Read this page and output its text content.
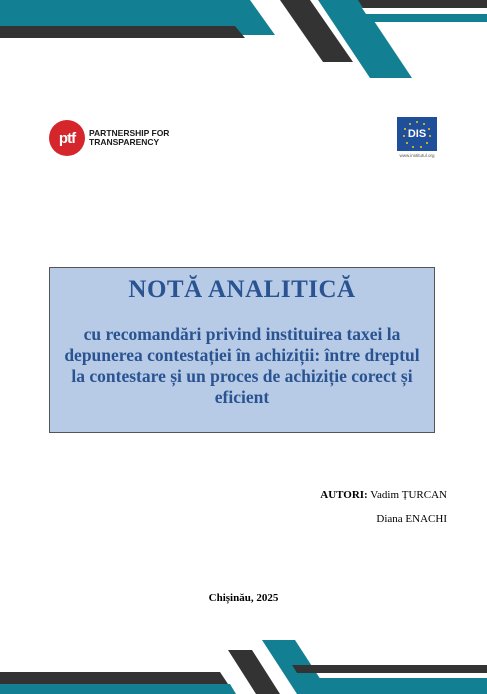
ptf	PARTNERSHIP FOR
TRANSPARENCY
DIS
www.institutul.org
NOTĂ ANALITICĂ
cu recomandări privind instituirea taxei la depunerea contestației în achiziții: între dreptul la contestare și un proces de achiziție corect și eficient
AUTORI: Vadim ȚURCAN
Diana ENACHI
Chișinău, 2025
